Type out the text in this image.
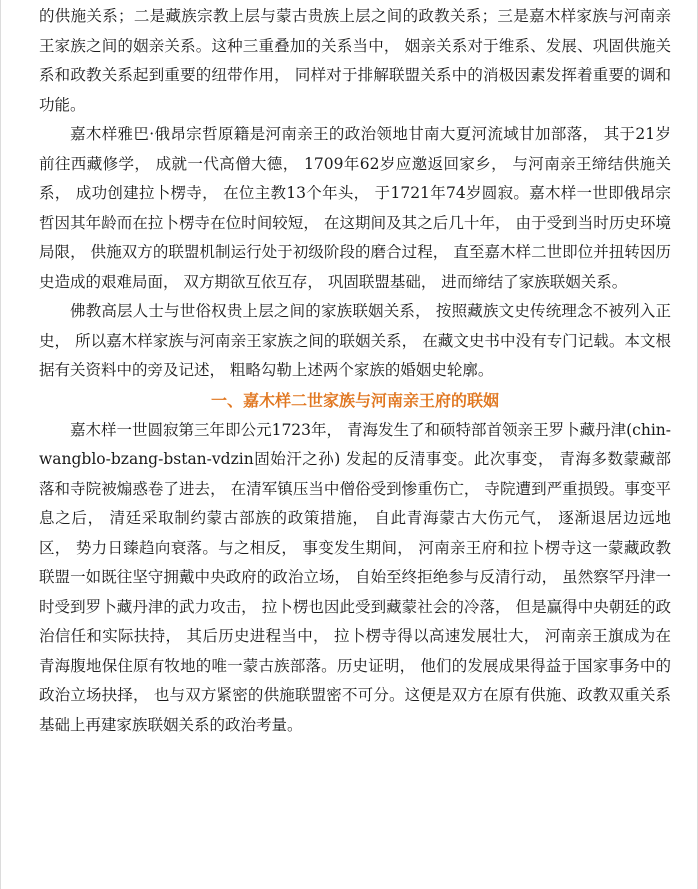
的供施关系；二是藏族宗教上层与蒙古贵族上层之间的政教关系；三是嘉木样家族与河南亲王家族之间的姻亲关系。这种三重叠加的关系当中， 姻亲关系对于维系、发展、巩固供施关系和政教关系起到重要的纽带作用， 同样对于排解联盟关系中的消极因素发挥着重要的调和功能。

嘉木样雅巴·俄昂宗哲原籍是河南亲王的政治领地甘南大夏河流域甘加部落， 其于21岁前往西藏修学， 成就一代高僧大德， 1709年62岁应邀返回家乡， 与河南亲王缔结供施关系， 成功创建拉卜楞寺， 在位主教13个年头， 于1721年74岁圆寂。嘉木样一世即俄昂宗哲因其年龄而在拉卜楞寺在位时间较短， 在这期间及其之后几十年， 由于受到当时历史环境局限， 供施双方的联盟机制运行处于初级阶段的磨合过程， 直至嘉木样二世即位并扭转因历史造成的艰难局面， 双方期欲互依互存， 巩固联盟基础， 进而缔结了家族联姻关系。

佛教高层人士与世俗权贵上层之间的家族联姻关系， 按照藏族文史传统理念不被列入正史， 所以嘉木样家族与河南亲王家族之间的联姻关系， 在藏文史书中没有专门记载。本文根据有关资料中的旁及记述， 粗略勾勒上述两个家族的婚姻史轮廓。

一、嘉木样二世家族与河南亲王府的联姻

嘉木样一世圆寂第三年即公元1723年， 青海发生了和硕特部首领亲王罗卜藏丹津(chin-wangblo-bzang-bstan-vdzin固始汗之孙) 发起的反清事变。此次事变， 青海多数蒙藏部落和寺院被煽惑卷了进去， 在清军镇压当中僧俗受到惨重伤亡， 寺院遭到严重损毁。事变平息之后， 清廷采取制约蒙古部族的政策措施， 自此青海蒙古大伤元气， 逐渐退居边远地区， 势力日臻趋向衰落。与之相反， 事变发生期间， 河南亲王府和拉卜楞寺这一蒙藏政教联盟一如既往坚守拥戴中央政府的政治立场， 自始至终拒绝参与反清行动， 虽然察罕丹津一时受到罗卜藏丹津的武力攻击， 拉卜楞也因此受到藏蒙社会的冷落， 但是赢得中央朝廷的政治信任和实际扶持， 其后历史进程当中， 拉卜楞寺得以高速发展壮大， 河南亲王旗成为在青海腹地保住原有牧地的唯一蒙古族部落。历史证明， 他们的发展成果得益于国家事务中的政治立场抉择， 也与双方紧密的供施联盟密不可分。这便是双方在原有供施、政教双重关系基础上再建家族联姻关系的政治考量。
